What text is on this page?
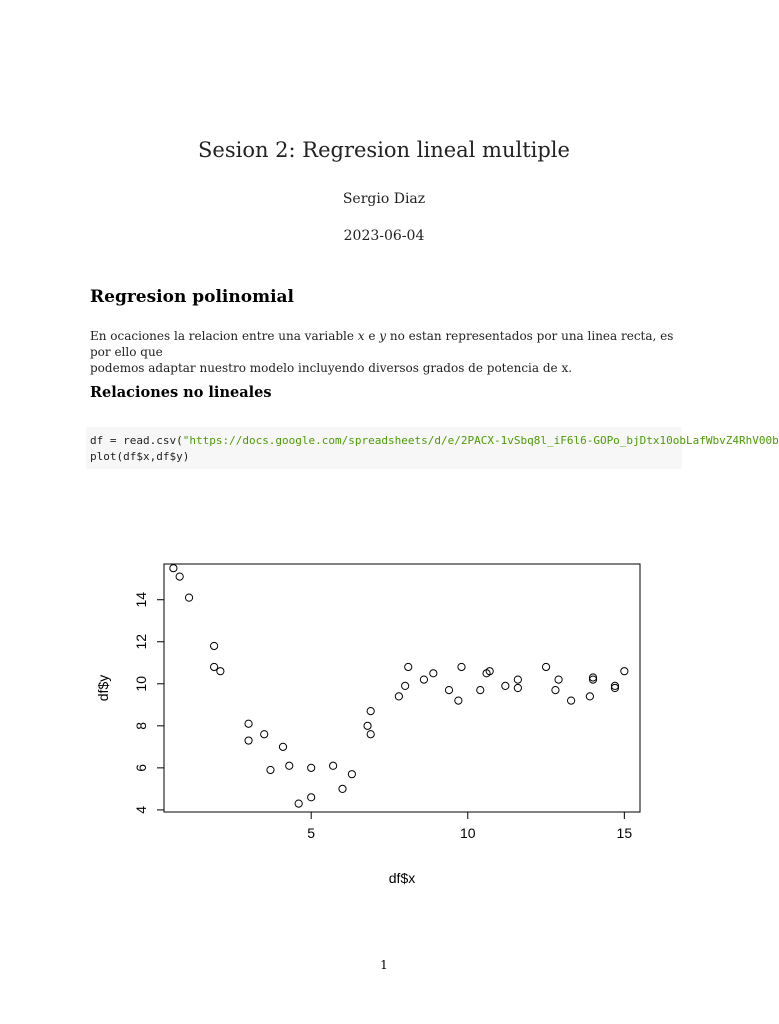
Sesion 2: Regresion lineal multiple
Sergio Diaz
2023-06-04
Regresion polinomial
En ocaciones la relacion entre una variable x e y no estan representados por una linea recta, es por ello que
podemos adaptar nuestro modelo incluyendo diversos grados de potencia de x.
Relaciones no lineales
df = read.csv("https://docs.google.com/spreadsheets/d/e/2PACX-1vSbq8l_iF6l6-GOPo_bjDtx10obLafWbvZ4RhV00b

plot(df$x,df$y)
5	10	15
4
6
8
10
12
14
df$x
df$y
1
